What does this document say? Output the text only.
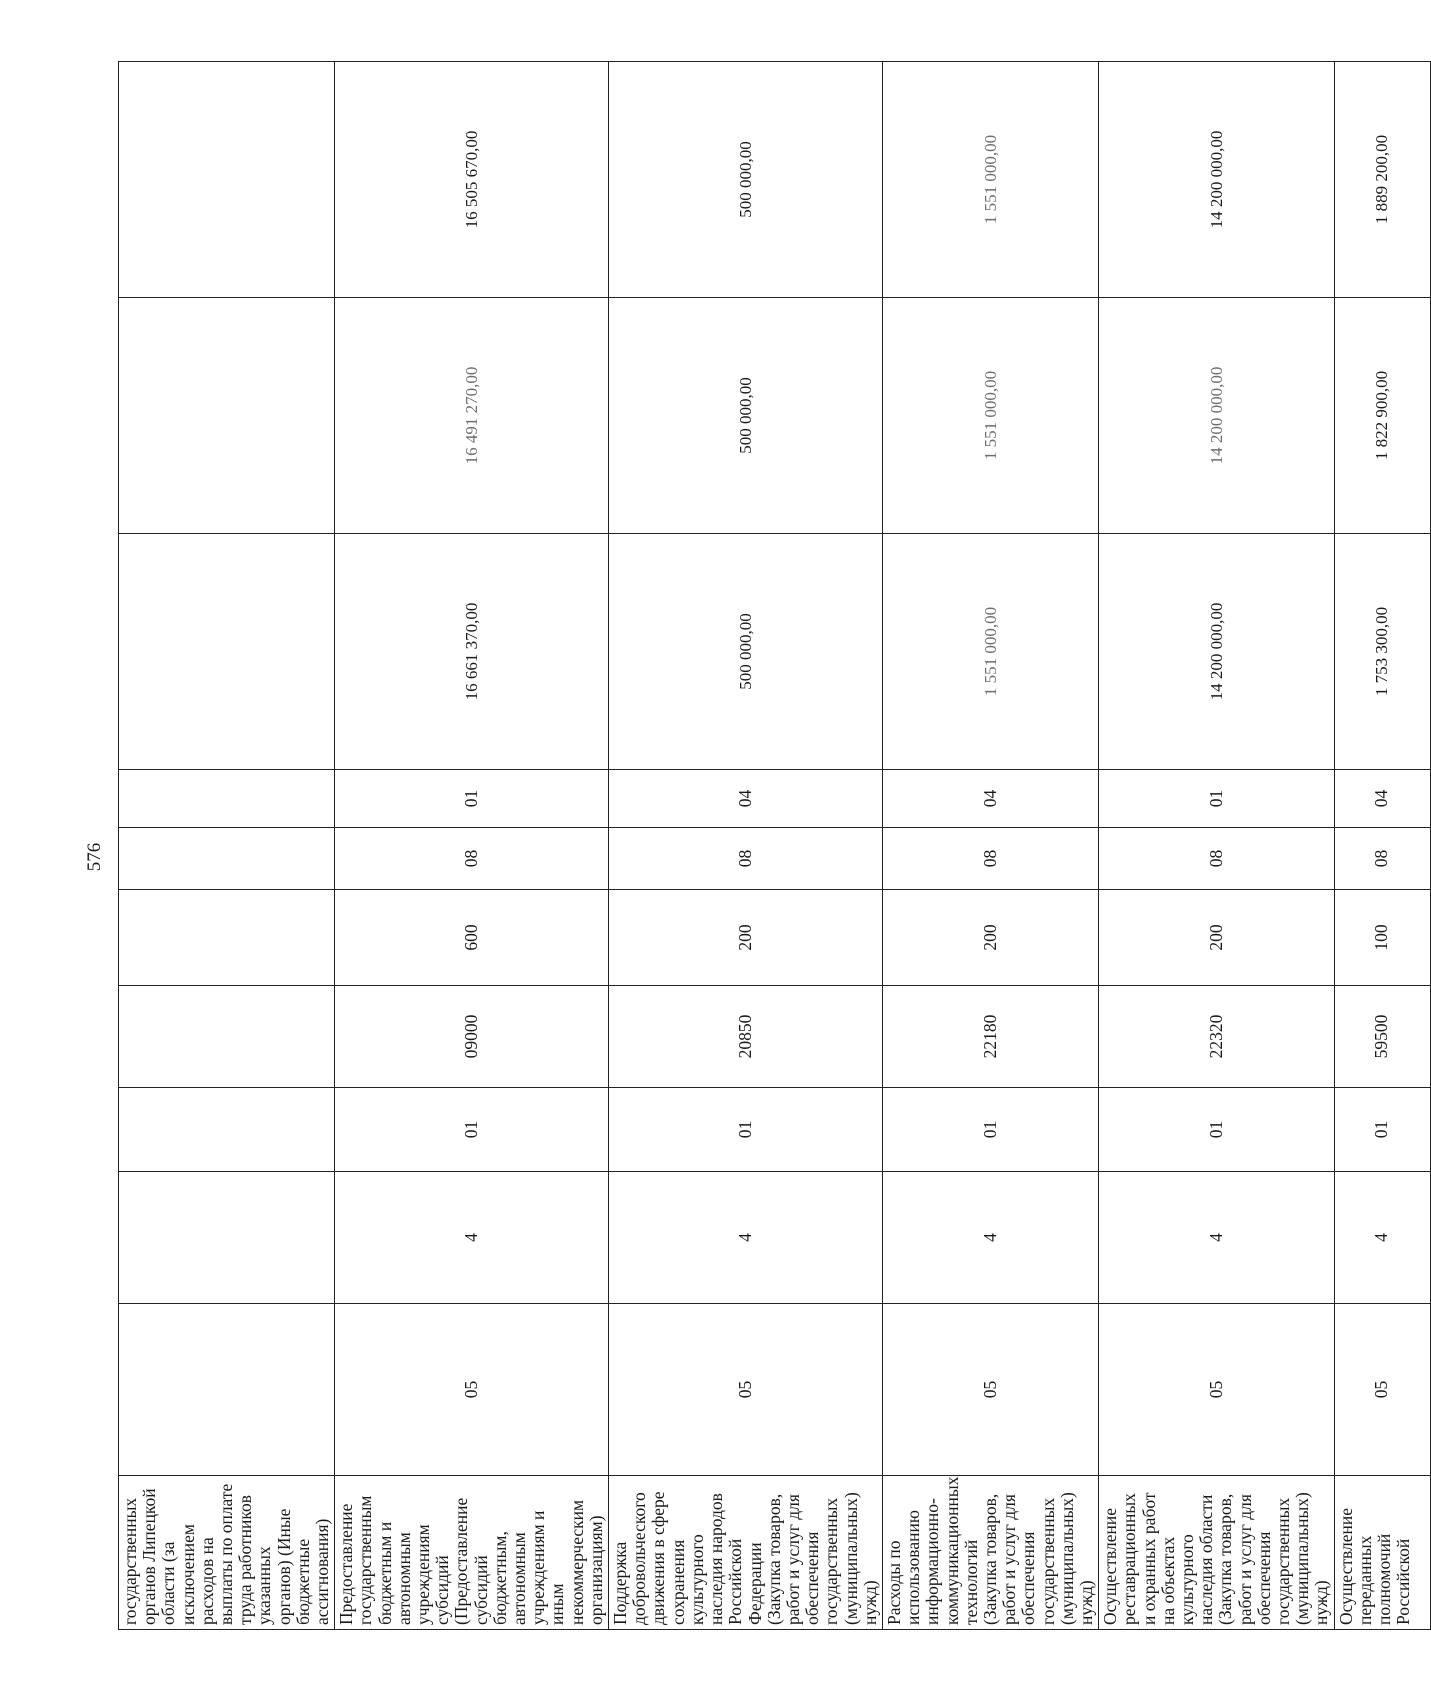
576
государственных органов Липецкой области (за исключением расходов на выплаты по оплате труда работников указанных органов) (Иные бюджетные ассигнования)										
Предоставление государственным бюджетным и автономным учреждениям субсидий (Предоставление субсидий бюджетным, автономным учреждениям и иным некоммерческим организациям)	05	4	01	09000	600	08	01	16 661 370,00	16 491 270,00	16 505 670,00
Поддержка добровольческого движения в сфере сохранения культурного наследия народов Российской Федерации (Закупка товаров, работ и услуг для обеспечения государственных (муниципальных) нужд)	05	4	01	20850	200	08	04	500 000,00	500 000,00	500 000,00
Расходы по использованию информационно-коммуникационных технологий (Закупка товаров, работ и услуг для обеспечения государственных (муниципальных) нужд)	05	4	01	22180	200	08	04	1 551 000,00	1 551 000,00	1 551 000,00
Осуществление реставрационных и охранных работ на объектах культурного наследия области (Закупка товаров, работ и услуг для обеспечения государственных (муниципальных) нужд)	05	4	01	22320	200	08	01	14 200 000,00	14 200 000,00	14 200 000,00
Осуществление переданных полномочий Российской	05	4	01	59500	100	08	04	1 753 300,00	1 822 900,00	1 889 200,00
